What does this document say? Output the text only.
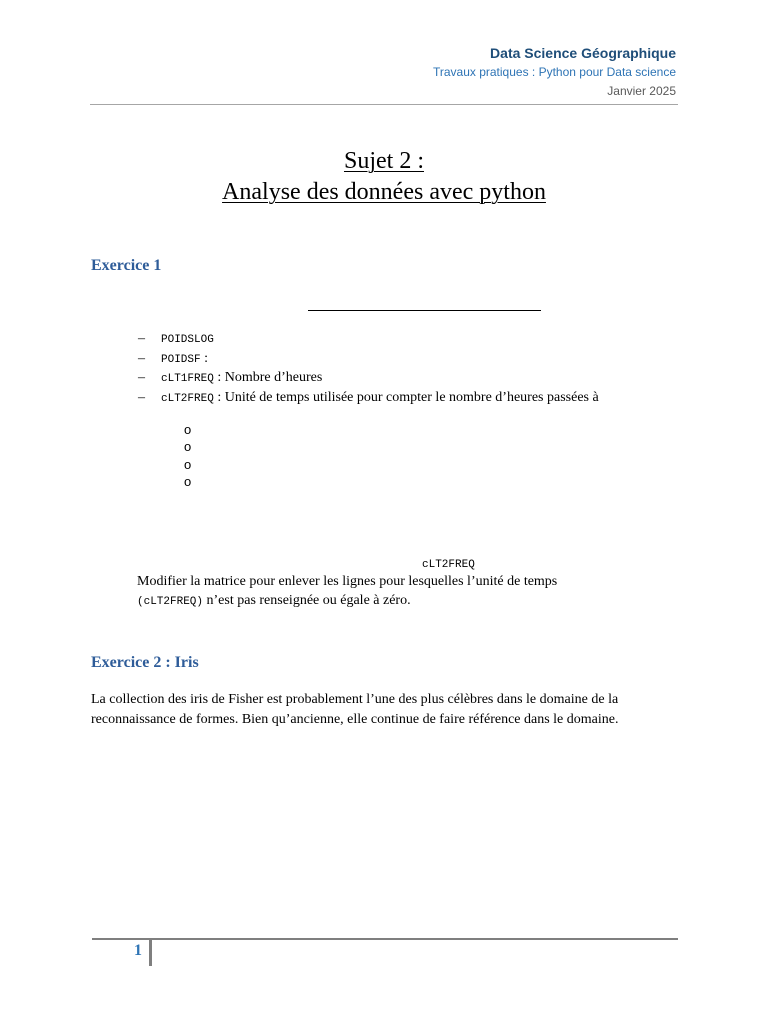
Data Science Géographique
Travaux pratiques : Python pour Data science
Janvier 2025
Sujet 2 :
Analyse des données avec python
Exercice 1
– POIDSLOG
– POIDSF :
– cLT1FREQ : Nombre d’heures
– cLT2FREQ : Unité de temps utilisée pour compter le nombre d’heures passées à
o
o
o
o
cLT2FREQ
Modifier la matrice pour enlever les lignes pour lesquelles l’unité de temps
(cLT2FREQ) n’est pas renseignée ou égale à zéro.
Exercice 2 : Iris
La collection des iris de Fisher est probablement l’une des plus célèbres dans le domaine de la reconnaissance de formes. Bien qu’ancienne, elle continue de faire référence dans le domaine.
1
